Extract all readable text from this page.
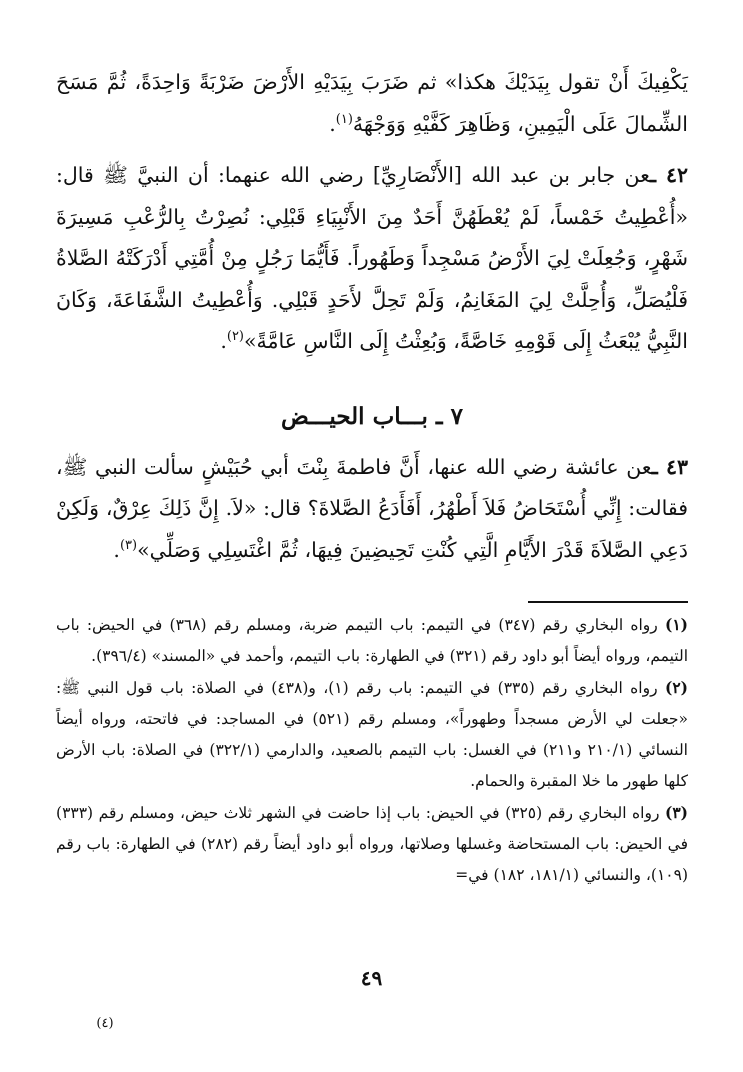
يَكْفِيكَ أَنْ تقول بِيَدَيْكَ هكذا» ثم ضَرَبَ بِيَدَيْهِ الأَرْضَ ضَرْبَةً وَاحِدَةً، ثُمَّ مَسَحَ الشِّمالَ عَلَى الْيَمِينِ، وَظَاهِرَ كَفَّيْهِ وَوَجْهَهُ$^{(١)}$.

٤٢ ـعن جابر بن عبد الله [الأَنْصَارِيِّ] رضي الله عنهما: أن النبيَّ ﷺ قال: «أُعْطِيتُ خَمْساً، لَمْ يُعْطَهُنَّ أَحَدٌ مِنَ الأَنْبِيَاءِ قَبْلِي: نُصِرْتُ بِالرُّعْبِ مَسِيرَةَ شَهْرٍ، وَجُعِلَتْ لِيَ الأَرْضُ مَسْجِداً وَطَهُوراً. فَأَيُّمَا رَجُلٍ مِنْ أُمَّتِي أَدْرَكَتْهُ الصَّلاةُ فَلْيُصَلِّ، وَأُحِلَّتْ لِيَ المَغَانِمُ، وَلَمْ تَحِلَّ لأَحَدٍ قَبْلِي. وَأُعْطِيتُ الشَّفَاعَةَ، وَكَانَ النَّبِيُّ يُبْعَثُ إِلَى قَوْمِهِ خَاصَّةً، وَبُعِثْتُ إِلَى النَّاسِ عَامَّةً»$^{(٢)}$.

٧ ـ بـــاب الحيـــض

٤٣ ـعن عائشة رضي الله عنها، أَنَّ فاطمةَ بِنْتَ أبي حُبَيْشٍ سألت النبي ﷺ، فقالت: إِنِّي أُسْتَحَاضُ فَلاَ أَطْهُرُ، أَفَأَدَعُ الصَّلاةَ؟ قال: «لاَ. إِنَّ ذَلِكَ عِرْقٌ، وَلَكِنْ دَعِي الصَّلاَةَ قَدْرَ الأَيَّامِ الَّتِي كُنْتِ تَحِيضِينَ فِيهَا، ثُمَّ اغْتَسِلِي وَصَلِّي»$^{(٣)}$.

(١) رواه البخاري رقم (٣٤٧) في التيمم: باب التيمم ضربة، ومسلم رقم (٣٦٨) في الحيض: باب التيمم، ورواه أيضاً أبو داود رقم (٣٢١) في الطهارة: باب التيمم، وأحمد في «المسند» (٣٩٦/٤).

(٢) رواه البخاري رقم (٣٣٥) في التيمم: باب رقم (١)، و(٤٣٨) في الصلاة: باب قول النبي ﷺ: «جعلت لي الأرض مسجداً وطهوراً»، ومسلم رقم (٥٢١) في المساجد: في فاتحته، ورواه أيضاً النسائي (٢١٠/١ و٢١١) في الغسل: باب التيمم بالصعيد، والدارمي (٣٢٢/١) في الصلاة: باب الأرض كلها طهور ما خلا المقبرة والحمام.

(٣) رواه البخاري رقم (٣٢٥) في الحيض: باب إذا حاضت في الشهر ثلاث حيض، ومسلم رقم (٣٣٣) في الحيض: باب المستحاضة وغسلها وصلاتها، ورواه أبو داود أيضاً رقم (٢٨٢) في الطهارة: باب رقم (١٠٩)، والنسائي (١٨١/١، ١٨٢) في=

٤٩
(٤)
